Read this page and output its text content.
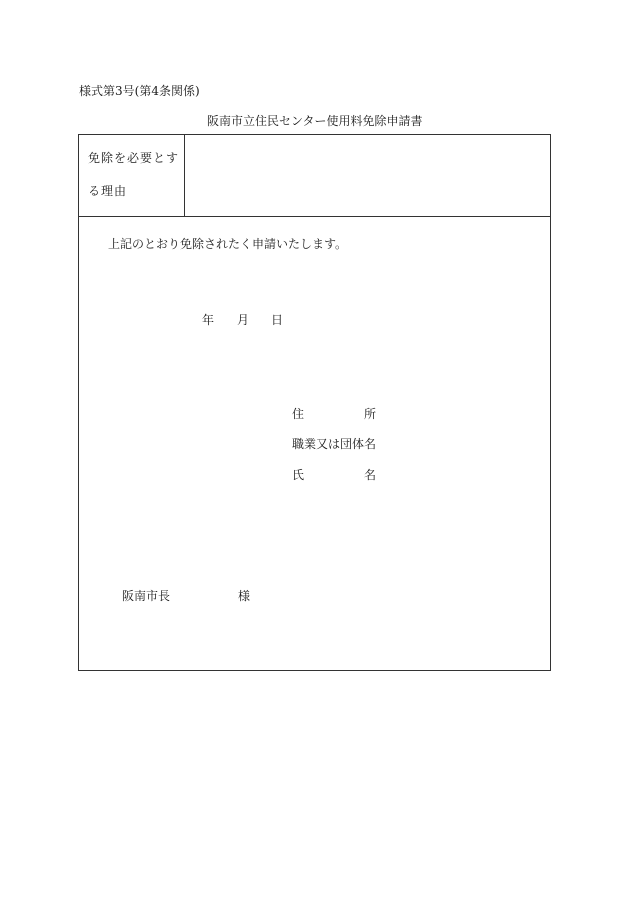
様式第3号(第4条関係)
阪南市立住民センター使用料免除申請書
免除を必要とす
る理由
上記のとおり免除されたく申請いたします。
年 月 日
住	所
職業又は団体名
氏	名
阪南市長	様
